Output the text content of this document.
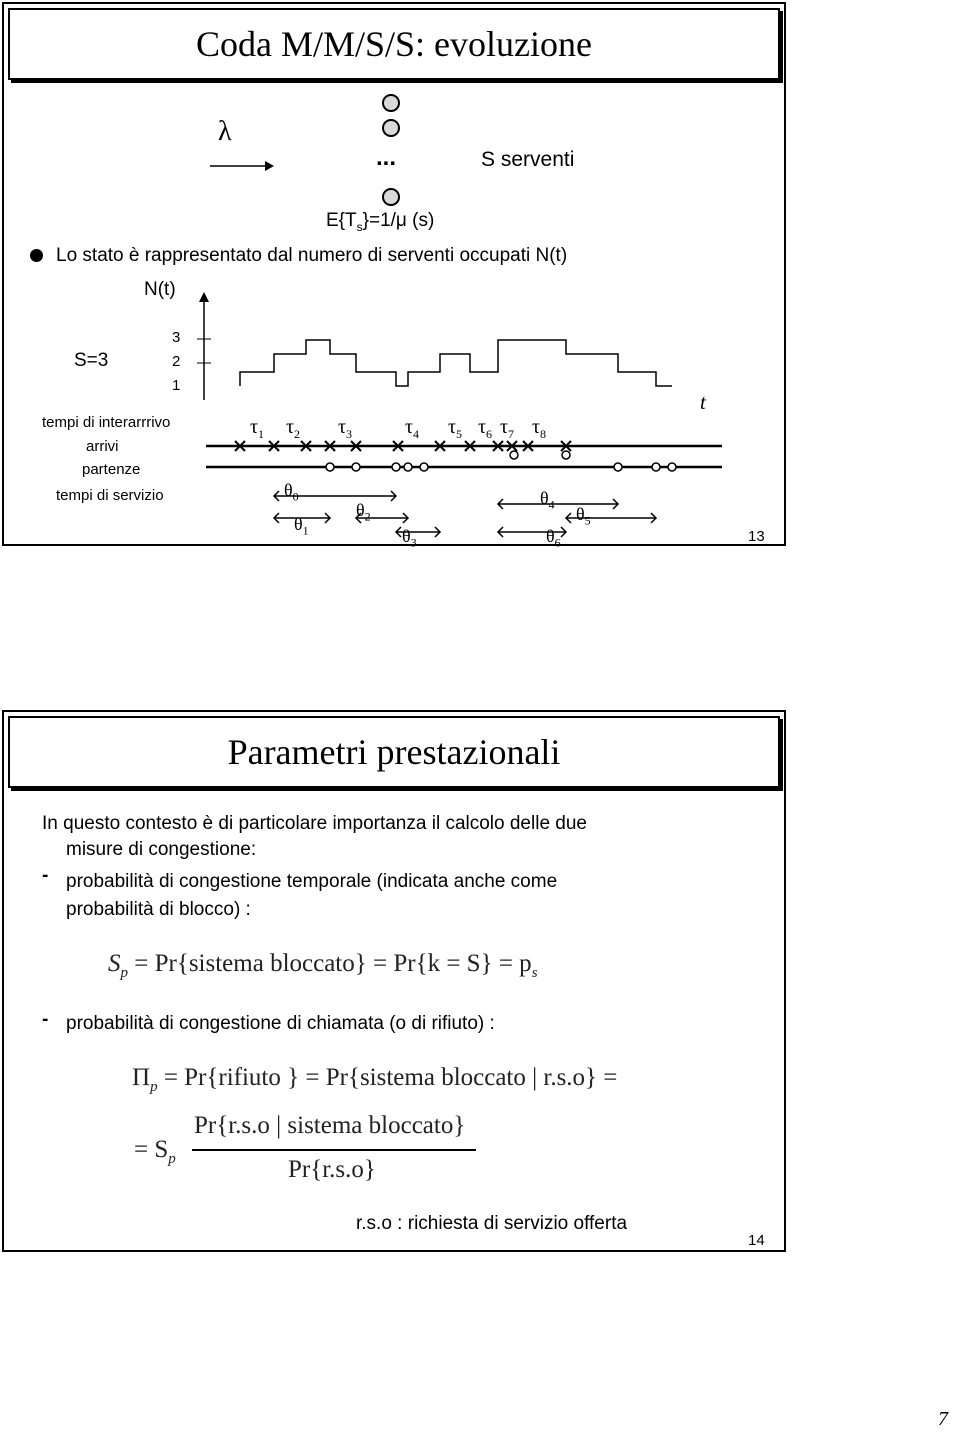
Coda M/M/S/S: evoluzione
λ
...	S serventi
$E\{T_s\}=1/\mu$ (s)
Lo stato è rappresentato dal numero di serventi occupati N(t)
N(t)
S=3
3
2
1
t
tempi di interarrrivo
arrivi
partenze
tempi di servizio
$\tau_1$ $\tau_2$ $\tau_3$	$\tau_4$ $\tau_5$ $\tau_6$ $\tau_7$ $\tau_8$
$\theta_0$
$\theta_1$
$\theta_2$
$\theta_3$
$\theta_4$ $\theta_5$
$\theta_6$	13
Parametri prestazionali
In questo contesto è di particolare importanza il calcolo delle due
misure di congestione:
- probabilità di congestione temporale (indicata anche come
probabilità di blocco) :
$S_p$ = Pr{sistema bloccato} = $Pr\{k = S\} = p_s$
- probabilità di congestione di chiamata (o di rifiuto) :
$\Pi_p$ = Pr{rifiuto } = Pr{sistema bloccato | r.s.o} =
= $S_p$
Pr{r.s.o | sistema bloccato}
Pr{r.s.o}
r.s.o : richiesta di servizio offerta
14
7
